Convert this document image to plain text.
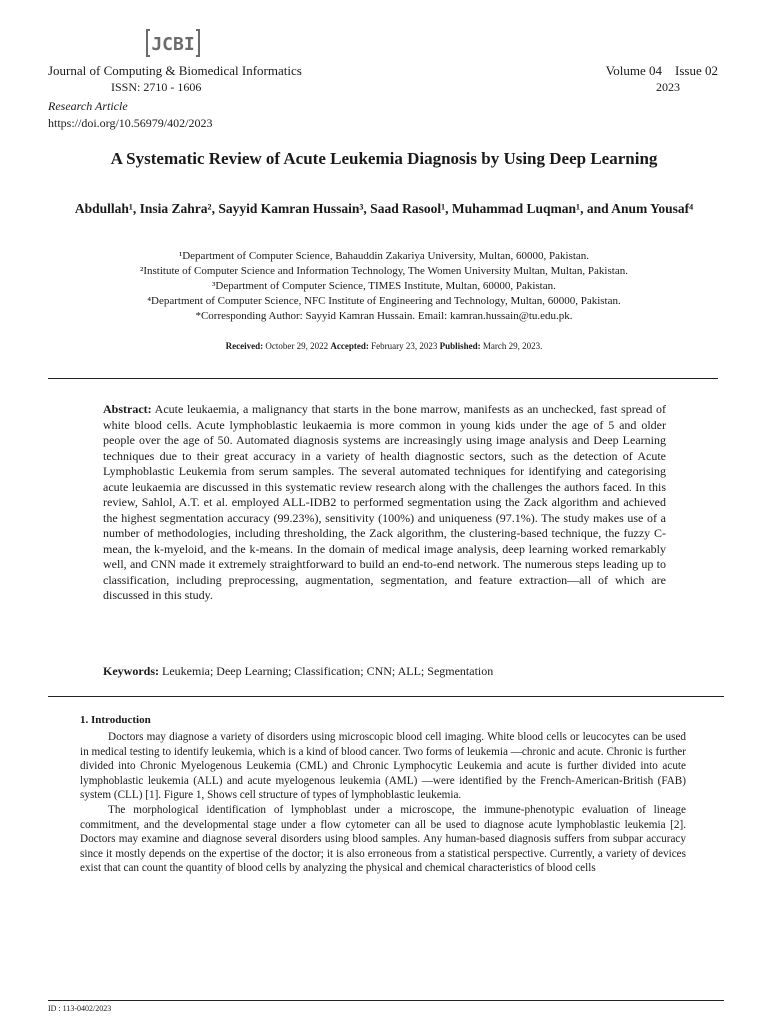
JCBI
Journal of Computing & Biomedical Informatics
ISSN: 2710 - 1606
Volume 04    Issue 02
2023
Research Article
https://doi.org/10.56979/402/2023
A Systematic Review of Acute Leukemia Diagnosis by Using Deep Learning
Abdullah¹, Insia Zahra², Sayyid Kamran Hussain³, Saad Rasool¹, Muhammad Luqman¹, and Anum Yousaf⁴
¹Department of Computer Science, Bahauddin Zakariya University, Multan, 60000, Pakistan.
²Institute of Computer Science and Information Technology, The Women University Multan, Multan, Pakistan.
³Department of Computer Science, TIMES Institute, Multan, 60000, Pakistan.
⁴Department of Computer Science, NFC Institute of Engineering and Technology, Multan, 60000, Pakistan.
*Corresponding Author: Sayyid Kamran Hussain. Email: kamran.hussain@tu.edu.pk.
Received: October 29, 2022 Accepted: February 23, 2023 Published: March 29, 2023.
Abstract: Acute leukaemia, a malignancy that starts in the bone marrow, manifests as an unchecked, fast spread of white blood cells. Acute lymphoblastic leukaemia is more common in young kids under the age of 5 and older people over the age of 50. Automated diagnosis systems are increasingly using image analysis and Deep Learning techniques due to their great accuracy in a variety of health diagnostic sectors, such as the detection of Acute Lymphoblastic Leukemia from serum samples. The several automated techniques for identifying and categorising acute leukaemia are discussed in this systematic review research along with the challenges the authors faced. In this review, Sahlol, A.T. et al. employed ALL-IDB2 to performed segmentation using the Zack algorithm and achieved the highest segmentation accuracy (99.23%), sensitivity (100%) and uniqueness (97.1%). The study makes use of a number of methodologies, including thresholding, the Zack algorithm, the clustering-based technique, the fuzzy C-mean, the k-myeloid, and the k-means. In the domain of medical image analysis, deep learning worked remarkably well, and CNN made it extremely straightforward to build an end-to-end network. The numerous steps leading up to classification, including preprocessing, augmentation, segmentation, and feature extraction—all of which are discussed in this study.
Keywords: Leukemia; Deep Learning; Classification; CNN; ALL; Segmentation
1. Introduction

Doctors may diagnose a variety of disorders using microscopic blood cell imaging. White blood cells or leucocytes can be used in medical testing to identify leukemia, which is a kind of blood cancer. Two forms of leukemia —chronic and acute. Chronic is further divided into Chronic Myelogenous Leukemia (CML) and Chronic Lymphocytic Leukemia and acute is further divided into acute lymphoblastic leukemia (ALL) and acute myelogenous leukemia (AML) —were identified by the French-American-British (FAB) system (CLL) [1]. Figure 1, Shows cell structure of types of lymphoblastic leukemia.

The morphological identification of lymphoblast under a microscope, the immune-phenotypic evaluation of lineage commitment, and the developmental stage under a flow cytometer can all be used to diagnose acute lymphoblastic leukemia [2]. Doctors may examine and diagnose several disorders using blood samples. Any human-based diagnosis suffers from subpar accuracy since it mostly depends on the expertise of the doctor; it is also erroneous from a statistical perspective. Currently, a variety of devices exist that can count the quantity of blood cells by analyzing the physical and chemical characteristics of blood cells

ID : 113-0402/2023
